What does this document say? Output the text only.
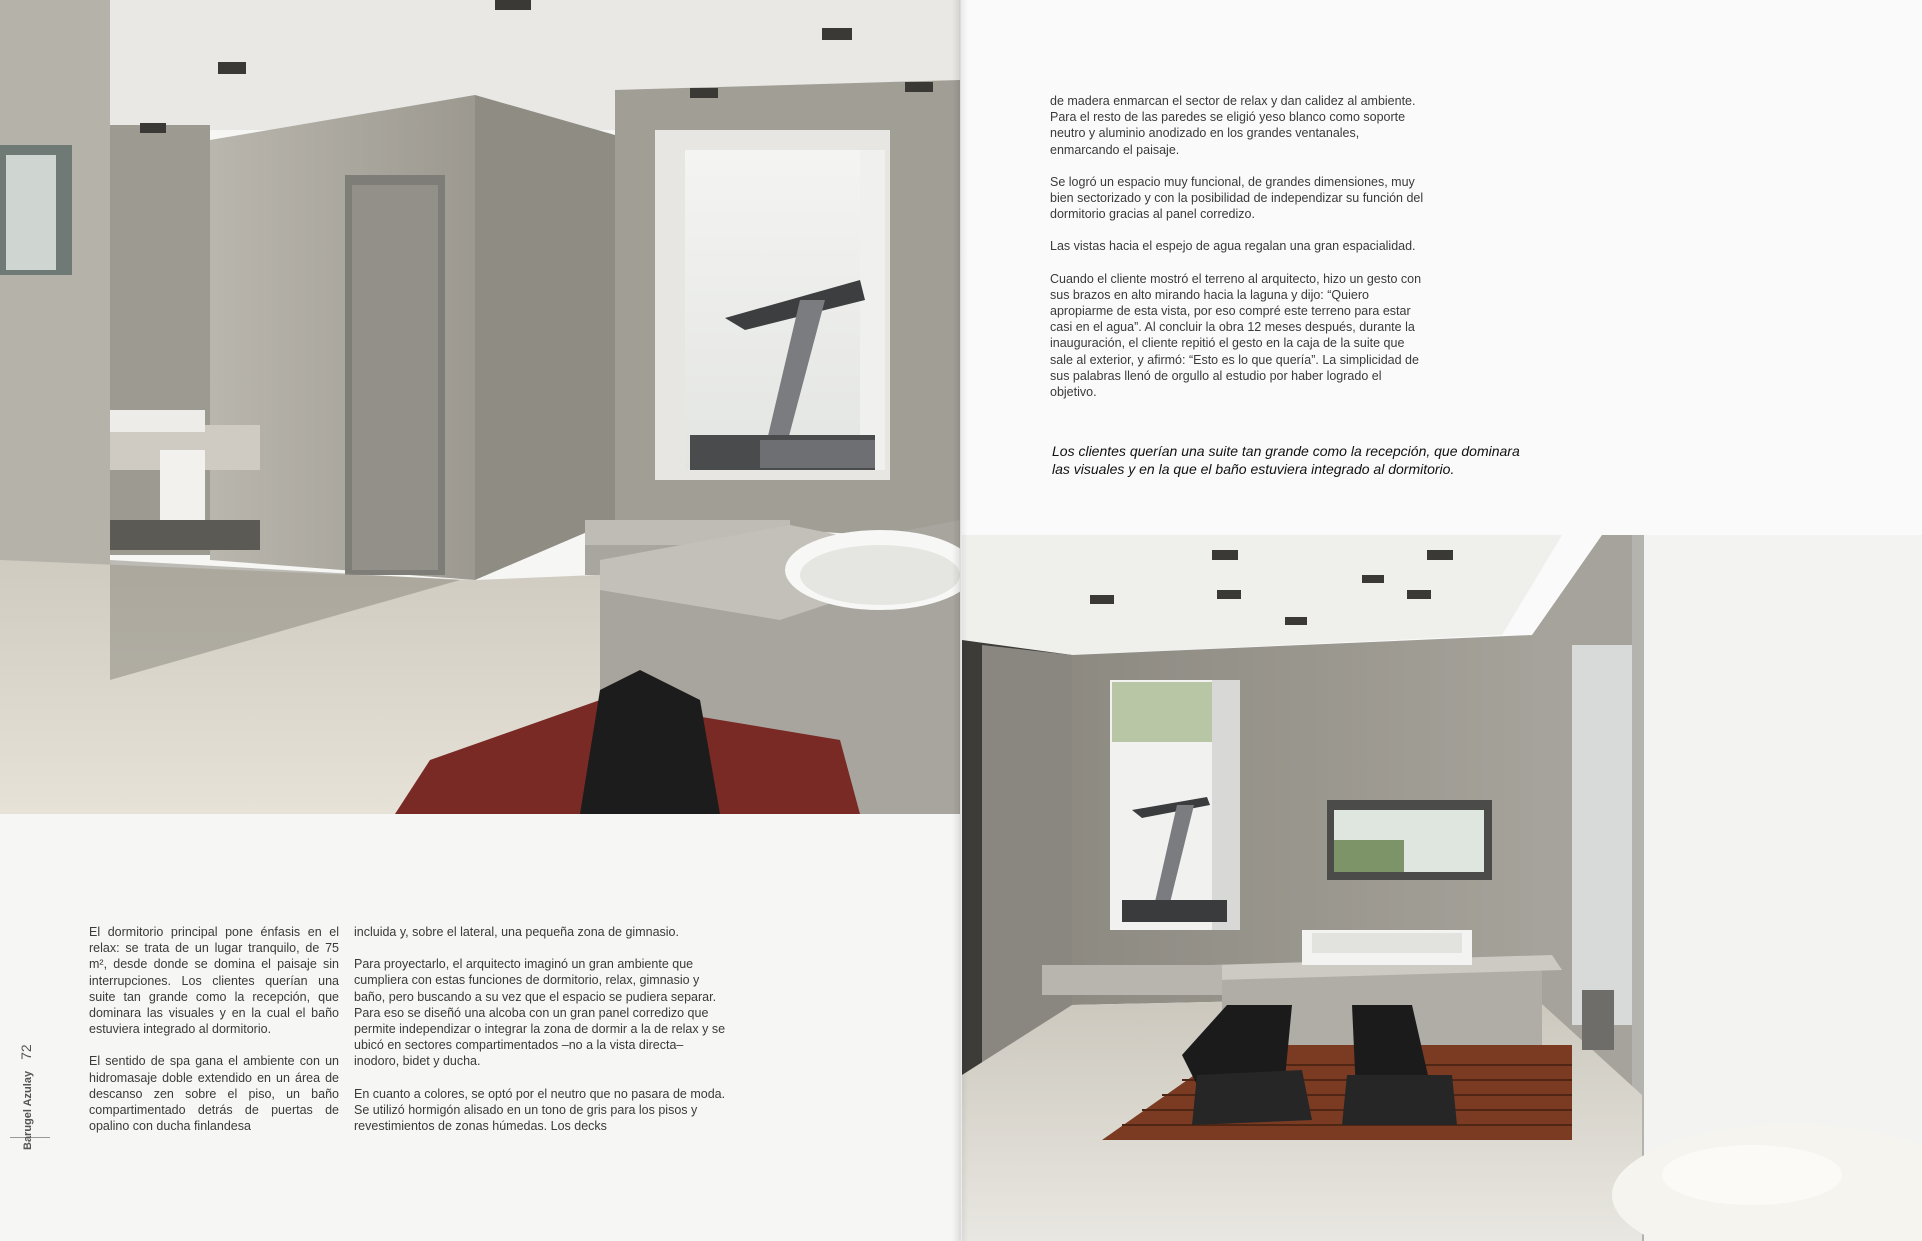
El dormitorio principal pone énfasis en el relax: se trata de un lugar tranquilo, de 75 m², desde donde se domina el paisaje sin interrupciones. Los clientes querían una suite tan grande como la recepción, que dominara las visuales y en la cual el baño estuviera integrado al dormitorio.

El sentido de spa gana el ambiente con un hidromasaje doble extendido en un área de descanso zen sobre el piso, un baño compartimentado detrás de puertas de opalino con ducha finlandesa

incluida y, sobre el lateral, una pequeña zona de gimnasio.

Para proyectarlo, el arquitecto imaginó un gran ambiente que cumpliera con estas funciones de dormitorio, relax, gimnasio y baño, pero buscando a su vez que el espacio se pudiera separar. Para eso se diseñó una alcoba con un gran panel corredizo que permite independizar o integrar la zona de dormir a la de relax y se ubicó en sectores compartimentados –no a la vista directa– inodoro, bidet y ducha.

En cuanto a colores, se optó por el neutro que no pasara de moda. Se utilizó hormigón alisado en un tono de gris para los pisos y revestimientos de zonas húmedas. Los decks

Barugel Azulay 72

de madera enmarcan el sector de relax y dan calidez al ambiente. Para el resto de las paredes se eligió yeso blanco como soporte neutro y aluminio anodizado en los grandes ventanales, enmarcando el paisaje.

Se logró un espacio muy funcional, de grandes dimensiones, muy bien sectorizado y con la posibilidad de independizar su función del dormitorio gracias al panel corredizo.

Las vistas hacia el espejo de agua regalan una gran espacialidad.

Cuando el cliente mostró el terreno al arquitecto, hizo un gesto con sus brazos en alto mirando hacia la laguna y dijo: “Quiero apropiarme de esta vista, por eso compré este terreno para estar casi en el agua”. Al concluir la obra 12 meses después, durante la inauguración, el cliente repitió el gesto en la caja de la suite que sale al exterior, y afirmó: “Esto es lo que quería”. La simplicidad de sus palabras llenó de orgullo al estudio por haber logrado el objetivo.

Los clientes querían una suite tan grande como la recepción, que dominara las visuales y en la que el baño estuviera integrado al dormitorio.
